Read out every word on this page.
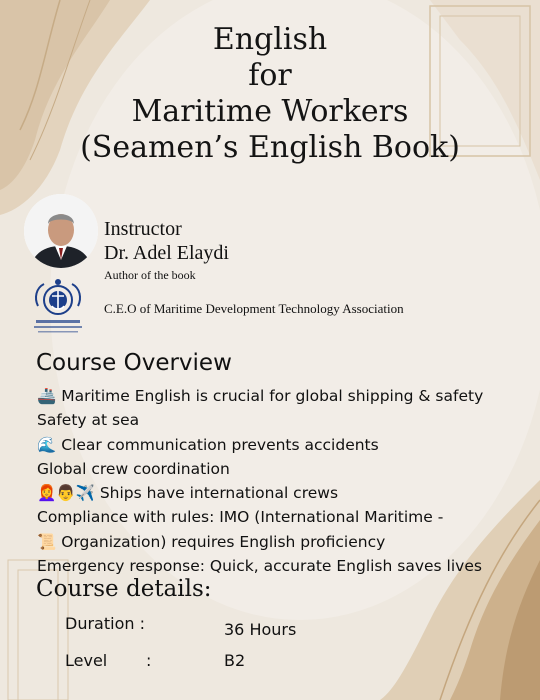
English
for
Maritime Workers
(Seamen’s English Book)
Instructor
Dr. Adel Elaydi
Author of the book
C.E.O of Maritime Development Technology Association
Course Overview
🚢 Maritime English is crucial for global shipping & safety
Safety at sea
🌊 Clear communication prevents accidents
Global crew coordination
👩‍🦰👨✈️ Ships have international crews
Compliance with rules: IMO (International Maritime -
📜 Organization) requires English proficiency
Emergency response: Quick, accurate English saves lives
Course details:
Duration :	36 Hours
Level :	B2
